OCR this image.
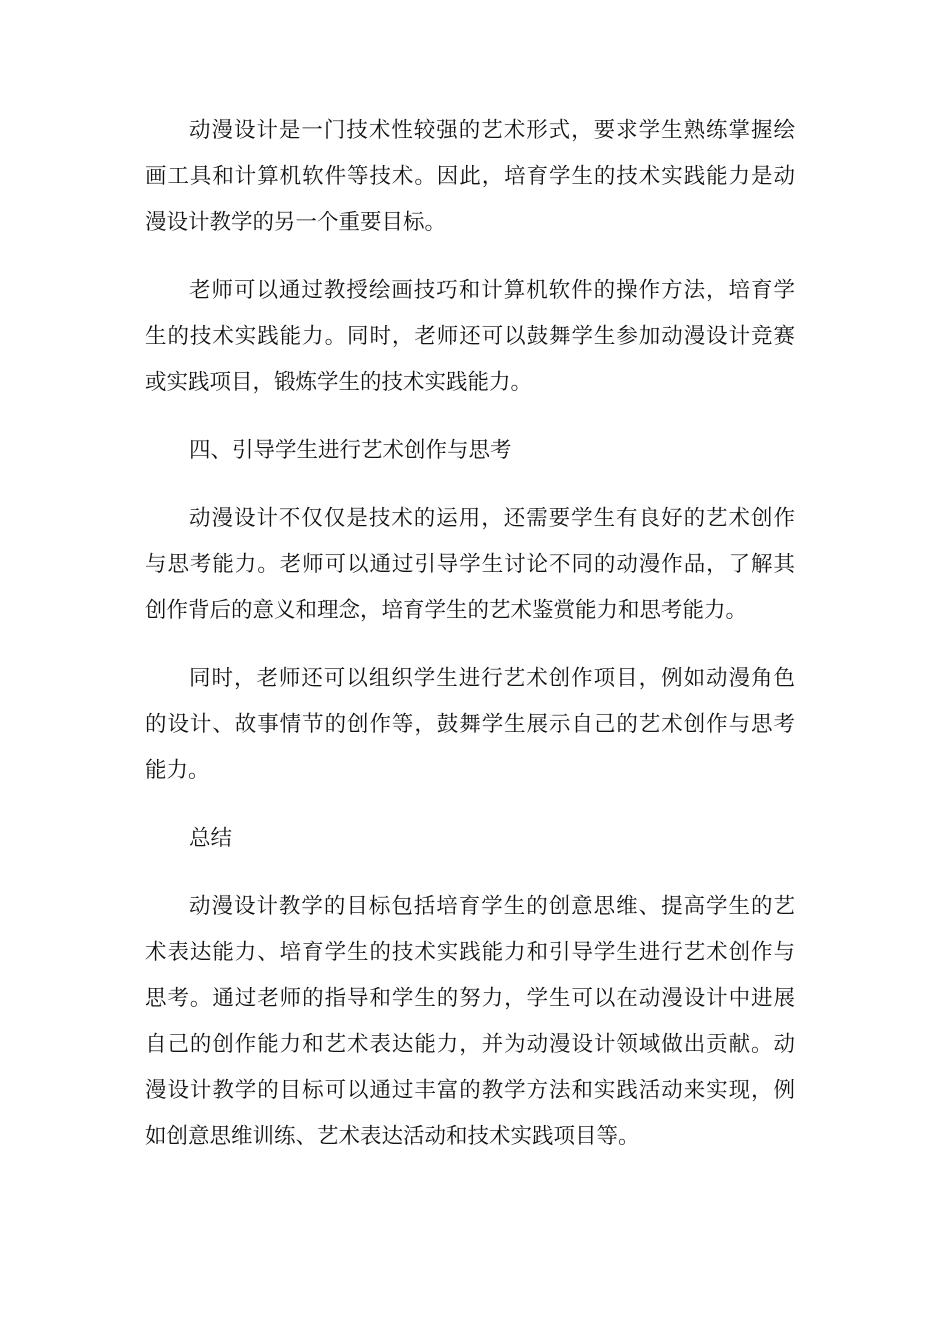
动漫设计是一门技术性较强的艺术形式，要求学生熟练掌握绘
画工具和计算机软件等技术。因此，培育学生的技术实践能力是动
漫设计教学的另一个重要目标。
老师可以通过教授绘画技巧和计算机软件的操作方法，培育学
生的技术实践能力。同时，老师还可以鼓舞学生参加动漫设计竞赛
或实践项目，锻炼学生的技术实践能力。
四、引导学生进行艺术创作与思考
动漫设计不仅仅是技术的运用，还需要学生有良好的艺术创作
与思考能力。老师可以通过引导学生讨论不同的动漫作品，了解其
创作背后的意义和理念，培育学生的艺术鉴赏能力和思考能力。
同时，老师还可以组织学生进行艺术创作项目，例如动漫角色
的设计、故事情节的创作等，鼓舞学生展示自己的艺术创作与思考
能力。
总结
动漫设计教学的目标包括培育学生的创意思维、提高学生的艺
术表达能力、培育学生的技术实践能力和引导学生进行艺术创作与
思考。通过老师的指导和学生的努力，学生可以在动漫设计中进展
自己的创作能力和艺术表达能力，并为动漫设计领域做出贡献。动
漫设计教学的目标可以通过丰富的教学方法和实践活动来实现，例
如创意思维训练、艺术表达活动和技术实践项目等。
